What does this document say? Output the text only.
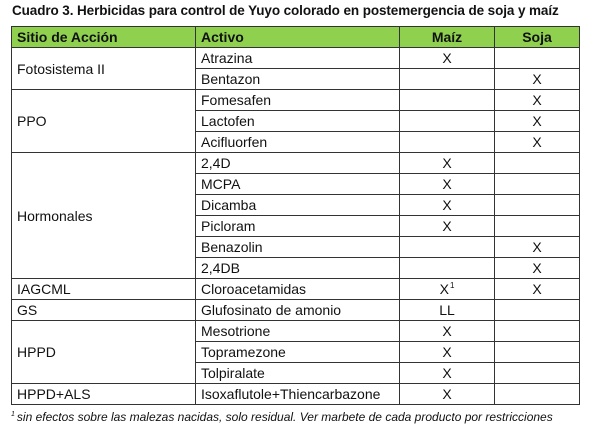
Cuadro 3. Herbicidas para control de Yuyo colorado en postemergencia de soja y maíz
Sitio de Acción	Activo	Maíz	Soja
Fotosistema II	Atrazina	X	
	Bentazon		X
PPO	Fomesafen		X
	Lactofen		X
	Acifluorfen		X
Hormonales	2,4D	X	
	MCPA	X	
	Dicamba	X	
	Picloram	X	
	Benazolin		X
	2,4DB		X
IAGCML	Cloroacetamidas	$X^1$	X
GS	Glufosinato de amonio	LL	
HPPD	Mesotrione	X	
	Topramezone	X	
	Tolpiralate	X	
HPPD+ALS	Isoxaflutole+Thiencarbazone	X	
$^1$ sin efectos sobre las malezas nacidas, solo residual. Ver marbete de cada producto por restricciones
